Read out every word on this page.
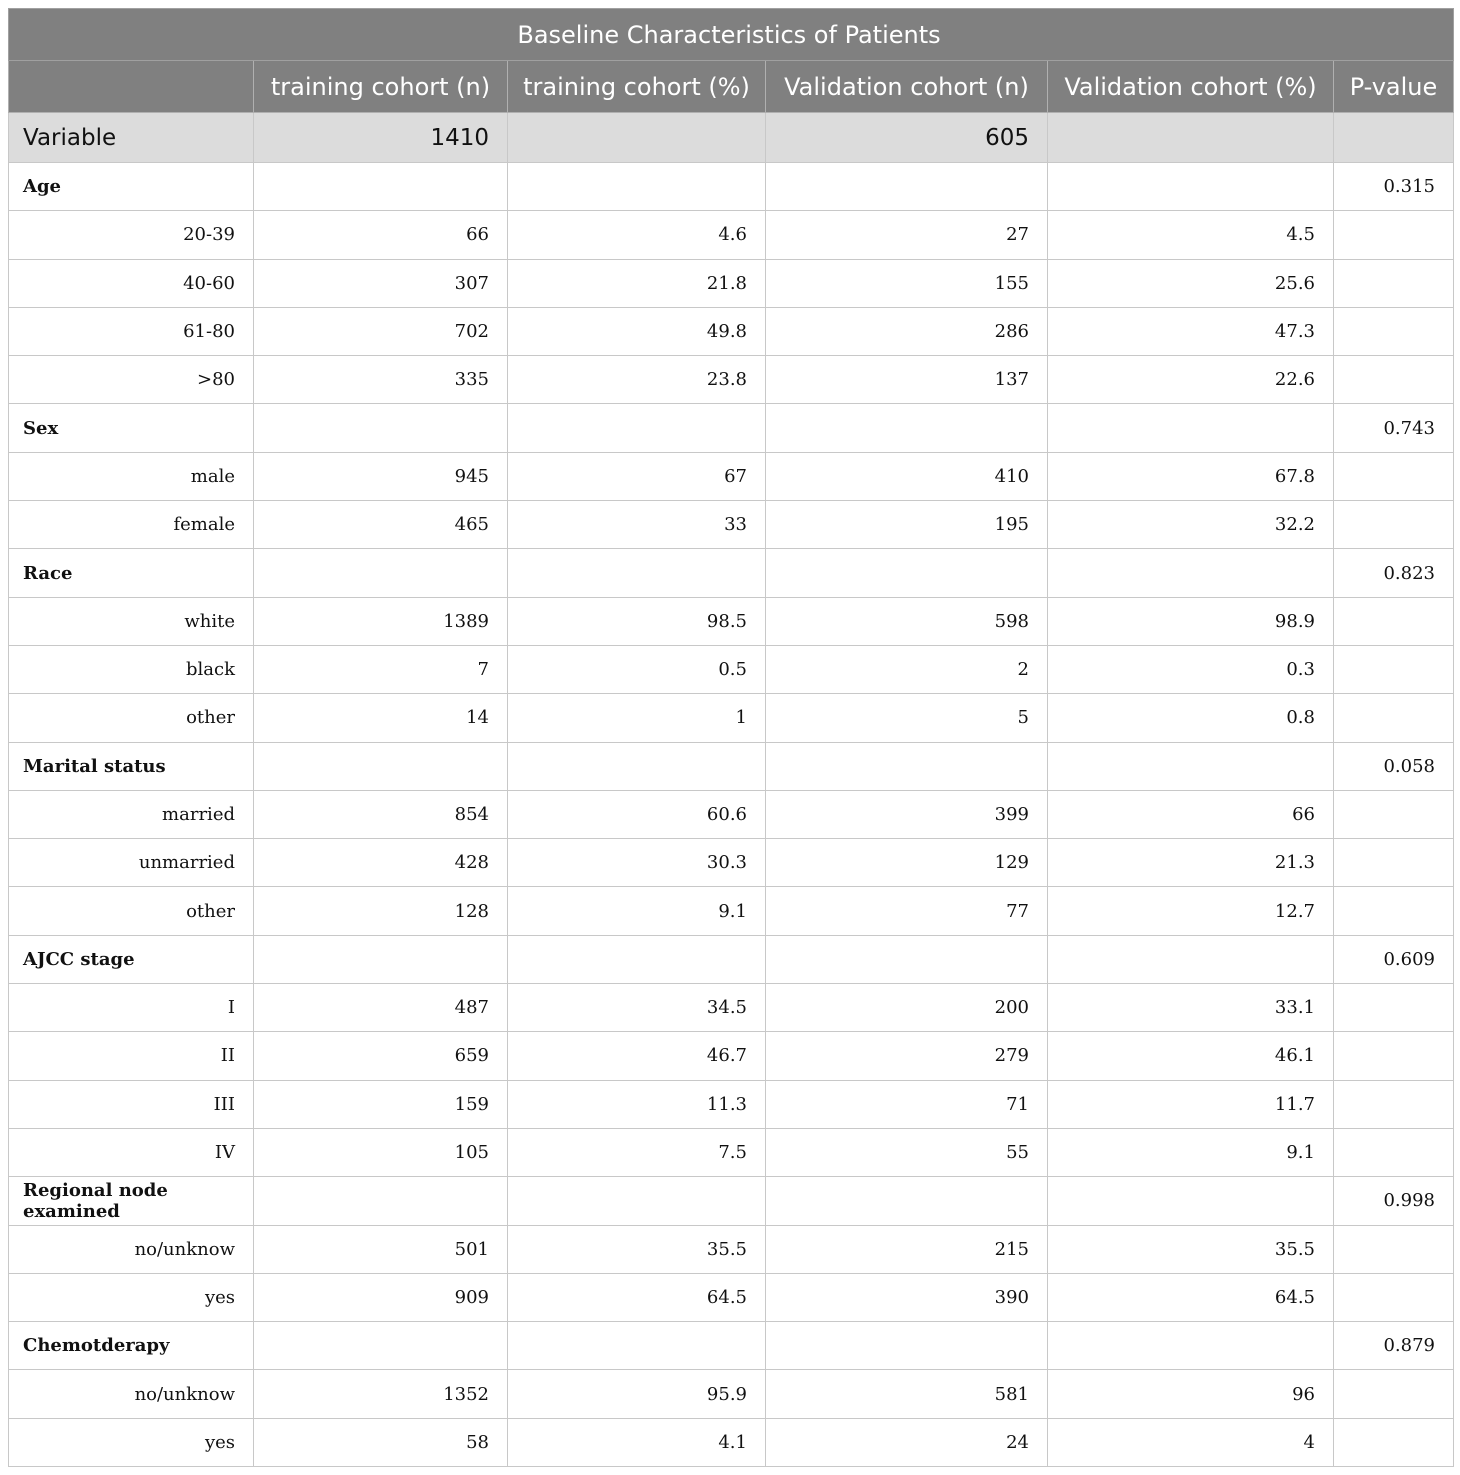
Baseline Characteristics of Patients					
	training cohort (n)	training cohort (%)	Validation cohort (n)	Validation cohort (%)	P-value
Variable	1410		605		
Age					0.315
20-39	66	4.6	27	4.5	
40-60	307	21.8	155	25.6	
61-80	702	49.8	286	47.3	
>80	335	23.8	137	22.6	
Sex					0.743
male	945	67	410	67.8	
female	465	33	195	32.2	
Race					0.823
white	1389	98.5	598	98.9	
black	7	0.5	2	0.3	
other	14	1	5	0.8	
Marital status					0.058
married	854	60.6	399	66	
unmarried	428	30.3	129	21.3	
other	128	9.1	77	12.7	
AJCC stage					0.609
I	487	34.5	200	33.1	
II	659	46.7	279	46.1	
III	159	11.3	71	11.7	
IV	105	7.5	55	9.1	
Regional node examined					0.998
no/unknow	501	35.5	215	35.5	
yes	909	64.5	390	64.5	
Chemotderapy					0.879
no/unknow	1352	95.9	581	96	
yes	58	4.1	24	4	
